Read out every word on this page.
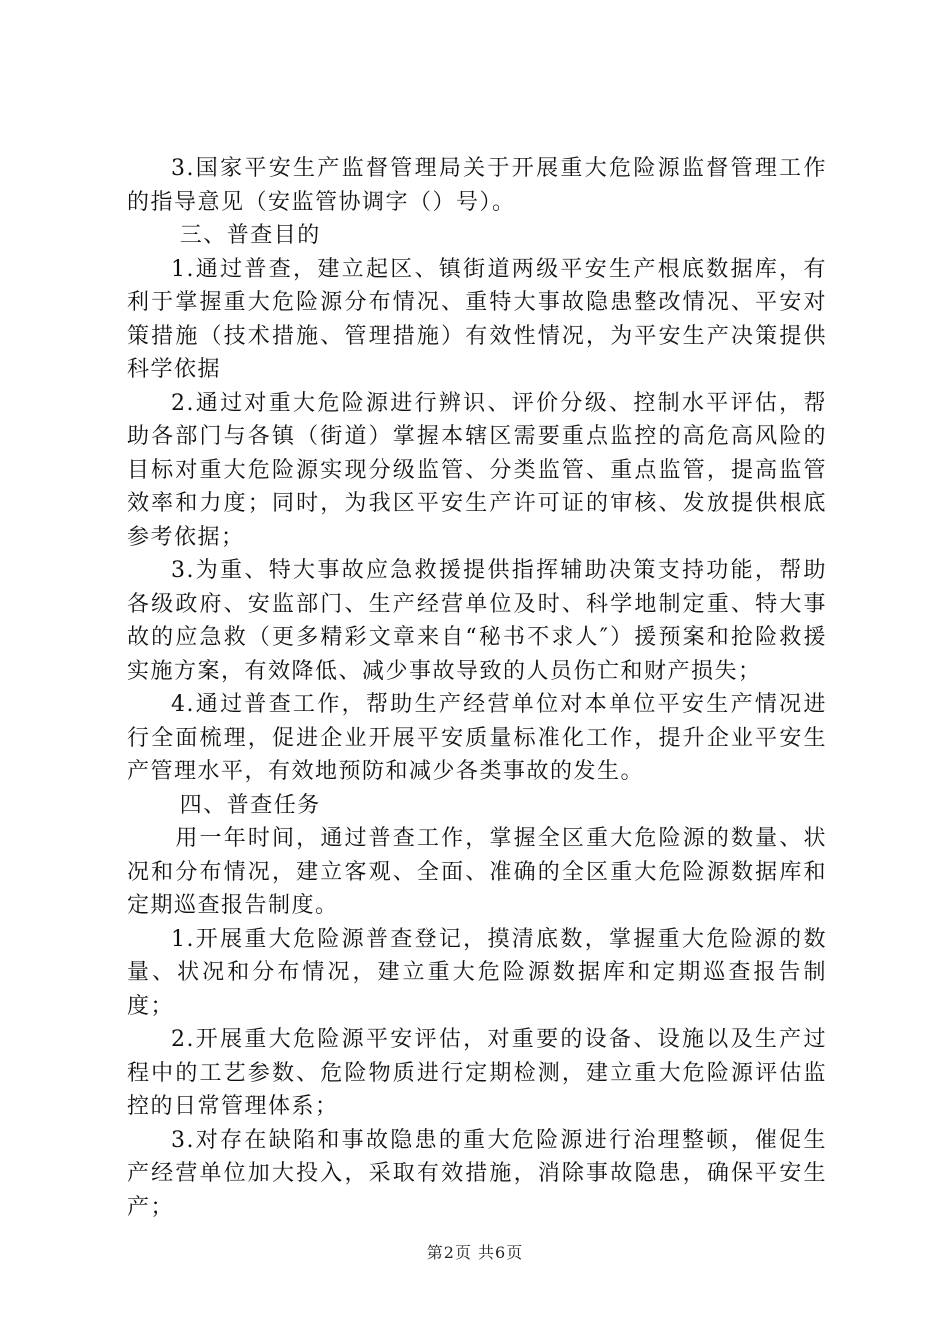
3.国家平安生产监督管理局关于开展重大危险源监督管理工作的指导意见（安监管协调字（）号）。

三、普查目的

1.通过普查，建立起区、镇街道两级平安生产根底数据库，有利于掌握重大危险源分布情况、重特大事故隐患整改情况、平安对策措施（技术措施、管理措施）有效性情况，为平安生产决策提供科学依据

2.通过对重大危险源进行辨识、评价分级、控制水平评估，帮助各部门与各镇（街道）掌握本辖区需要重点监控的高危高风险的目标对重大危险源实现分级监管、分类监管、重点监管，提高监管效率和力度；同时，为我区平安生产许可证的审核、发放提供根底参考依据；

3.为重、特大事故应急救援提供指挥辅助决策支持功能，帮助各级政府、安监部门、生产经营单位及时、科学地制定重、特大事故的应急救（更多精彩文章来自“秘书不求人″）援预案和抢险救援实施方案，有效降低、减少事故导致的人员伤亡和财产损失；

4.通过普查工作，帮助生产经营单位对本单位平安生产情况进行全面梳理，促进企业开展平安质量标准化工作，提升企业平安生产管理水平，有效地预防和减少各类事故的发生。

四、普查任务

用一年时间，通过普查工作，掌握全区重大危险源的数量、状况和分布情况，建立客观、全面、准确的全区重大危险源数据库和定期巡查报告制度。

1.开展重大危险源普查登记，摸清底数，掌握重大危险源的数量、状况和分布情况，建立重大危险源数据库和定期巡查报告制度；

2.开展重大危险源平安评估，对重要的设备、设施以及生产过程中的工艺参数、危险物质进行定期检测，建立重大危险源评估监控的日常管理体系；

3.对存在缺陷和事故隐患的重大危险源进行治理整顿，催促生产经营单位加大投入，采取有效措施，消除事故隐患，确保平安生产；

第2页 共6页
